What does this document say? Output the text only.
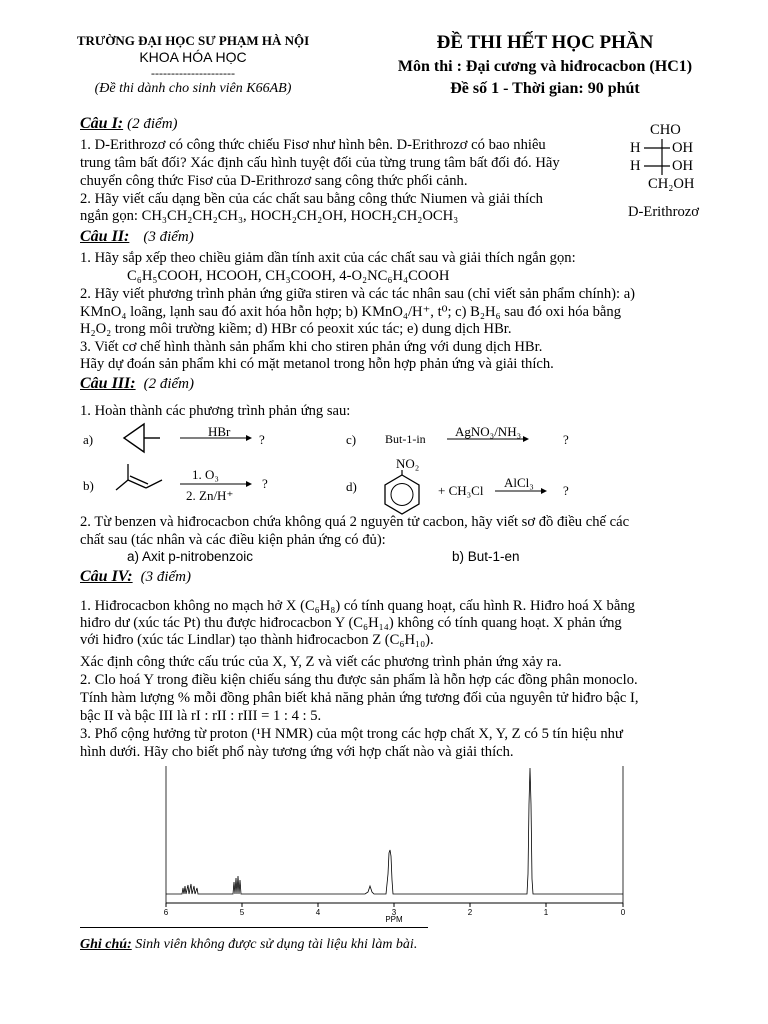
TRƯỜNG ĐẠI HỌC SƯ PHẠM HÀ NỘI
KHOA HÓA HỌC
---------------------
(Đề thi dành cho sinh viên K66AB)
ĐỀ THI HẾT HỌC PHẦN
Môn thi : Đại cương và hiđrocacbon (HC1)
Đề số 1 - Thời gian: 90 phút
CHO
H OH
H OH
CH₂OH
D-Erithrozơ
Câu I: (2 điểm)
1. D-Erithrozơ có công thức chiếu Fisơ như hình bên. D-Erithrozơ có bao nhiêu
trung tâm bất đối? Xác định cấu hình tuyệt đối của từng trung tâm bất đối đó. Hãy
chuyển công thức Fisơ của D-Erithrozơ sang công thức phối cảnh.
2. Hãy viết cấu dạng bền của các chất sau bằng công thức Niumen và giải thích
ngắn gọn: CH₃CH₂CH₂CH₃, HOCH₂CH₂OH, HOCH₂CH₂OCH₃
Câu II: (3 điểm)
1. Hãy sắp xếp theo chiều giảm dần tính axit của các chất sau và giải thích ngắn gọn:
C₆H₅COOH, HCOOH, CH₃COOH, 4-O₂NC₆H₄COOH
2. Hãy viết phương trình phản ứng giữa stiren và các tác nhân sau (chỉ viết sản phẩm chính): a)
KMnO₄ loãng, lạnh sau đó axit hóa hỗn hợp; b) KMnO₄/H⁺, t⁰; c) B₂H₆ sau đó oxi hóa bằng
H₂O₂ trong môi trường kiềm; d) HBr có peoxit xúc tác; e) dung dịch HBr.
3. Viết cơ chế hình thành sản phẩm khi cho stiren phản ứng với dung dịch HBr.
Hãy dự đoán sản phẩm khi có mặt metanol trong hỗn hợp phản ứng và giải thích.
Câu III: (2 điểm)
1. Hoàn thành các phương trình phản ứng sau:
a)
HBr
?	c) But-1-in AgNO₃/NH₃
?
b)
1. O₃
2. Zn/H⁺
?	d)
NO₂
+ CH₃Cl
AlCl₃
?
2. Từ benzen và hiđrocacbon chứa không quá 2 nguyên tử cacbon, hãy viết sơ đồ điều chế các
chất sau (tác nhân và các điều kiện phản ứng có đủ):
a) Axit p-nitrobenzoic	b) But-1-en
Câu IV: (3 điểm)
1. Hiđrocacbon không no mạch hở X (C₆H₈) có tính quang hoạt, cấu hình R. Hiđro hoá X bằng
hiđro dư (xúc tác Pt) thu được hiđrocacbon Y (C₆H₁₄) không có tính quang hoạt. X phản ứng
với hiđro (xúc tác Lindlar) tạo thành hiđrocacbon Z (C₆H₁₀).
Xác định công thức cấu trúc của X, Y, Z và viết các phương trình phản ứng xảy ra.
2. Clo hoá Y trong điều kiện chiếu sáng thu được sản phẩm là hỗn hợp các đồng phân monoclo.
Tính hàm lượng % mỗi đồng phân biết khả năng phản ứng tương đối của nguyên tử hiđro bậc I,
bậc II và bậc III là rI : rII : rIII = 1 : 4 : 5.
3. Phổ cộng hưởng từ proton (¹H NMR) của một trong các hợp chất X, Y, Z có 5 tín hiệu như
hình dưới. Hãy cho biết phổ này tương ứng với hợp chất nào và giải thích.
6	5	4	3	2	1	0
PPM
Ghi chú: Sinh viên không được sử dụng tài liệu khi làm bài.
